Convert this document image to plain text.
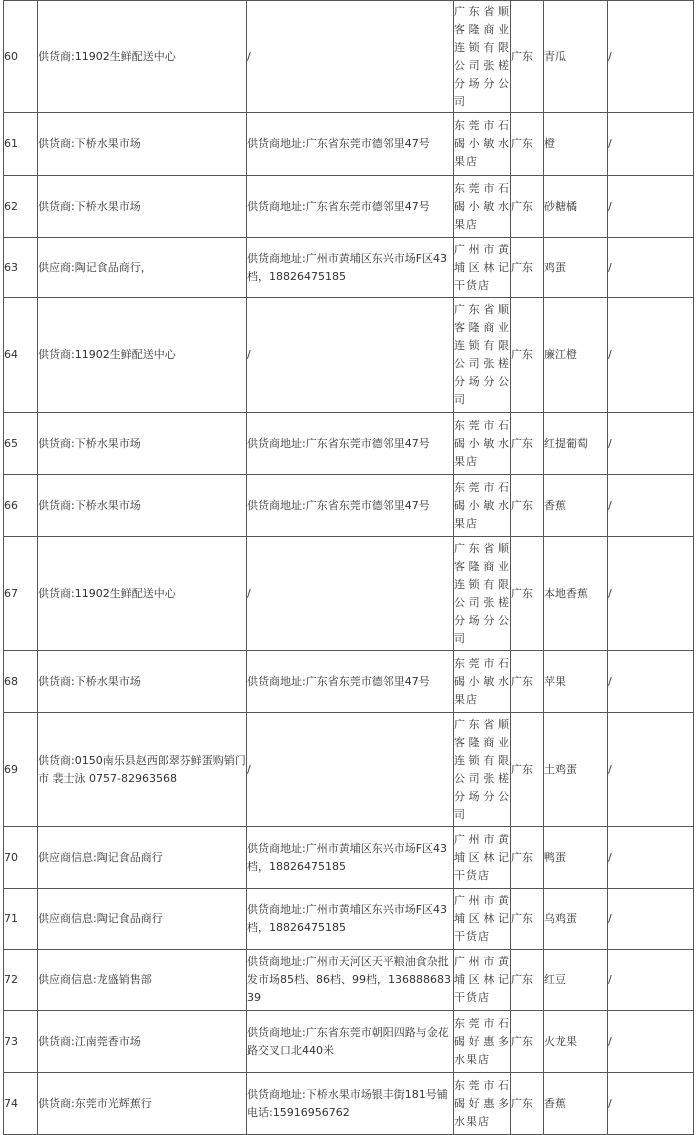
60	供货商:11902生鲜配送中心	/	广东省顺客隆商业连锁有限公司张槎分场分公司	广东	青瓜	/
61	供货商:下桥水果市场	供货商地址:广东省东莞市德邻里47号	东莞市石碣小敏水果店	广东	橙	/
62	供货商:下桥水果市场	供货商地址:广东省东莞市德邻里47号	东莞市石碣小敏水果店	广东	砂糖橘	/
63	供应商:陶记食品商行，	供货商地址:广州市黄埔区东兴市场F区43档，18826475185	广州市黄埔区林记干货店	广东	鸡蛋	/
64	供货商:11902生鲜配送中心	/	广东省顺客隆商业连锁有限公司张槎分场分公司	广东	廉江橙	/
65	供货商:下桥水果市场	供货商地址:广东省东莞市德邻里47号	东莞市石碣小敏水果店	广东	红提葡萄	/
66	供货商:下桥水果市场	供货商地址:广东省东莞市德邻里47号	东莞市石碣小敏水果店	广东	香蕉	/
67	供货商:11902生鲜配送中心	/	广东省顺客隆商业连锁有限公司张槎分场分公司	广东	本地香蕉	/
68	供货商:下桥水果市场	供货商地址:广东省东莞市德邻里47号	东莞市石碣小敏水果店	广东	苹果	/
69	供货商:0150南乐县赵西郎翠芬鲜蛋购销门市 裴士泳 0757-82963568	/	广东省顺客隆商业连锁有限公司张槎分场分公司	广东	土鸡蛋	/
70	供应商信息:陶记食品商行	供货商地址:广州市黄埔区东兴市场F区43档，18826475185	广州市黄埔区林记干货店	广东	鸭蛋	/
71	供应商信息:陶记食品商行	供货商地址:广州市黄埔区东兴市场F区43档，18826475185	广州市黄埔区林记干货店	广东	乌鸡蛋	/
72	供应商信息:龙盛销售部	供货商地址:广州市天河区天平粮油食杂批发市场85档、86档、99档，13688868339	广州市黄埔区林记干货店	广东	红豆	/
73	供货商:江南莞香市场	供货商地址:广东省东莞市朝阳四路与金花路交叉口北440米	东莞市石碣好惠多水果店	广东	火龙果	/
74	供货商:东莞市光辉蕉行	供货商地址:下桥水果市场银丰街181号铺电话:15916956762	东莞市石碣好惠多水果店	广东	香蕉	/
